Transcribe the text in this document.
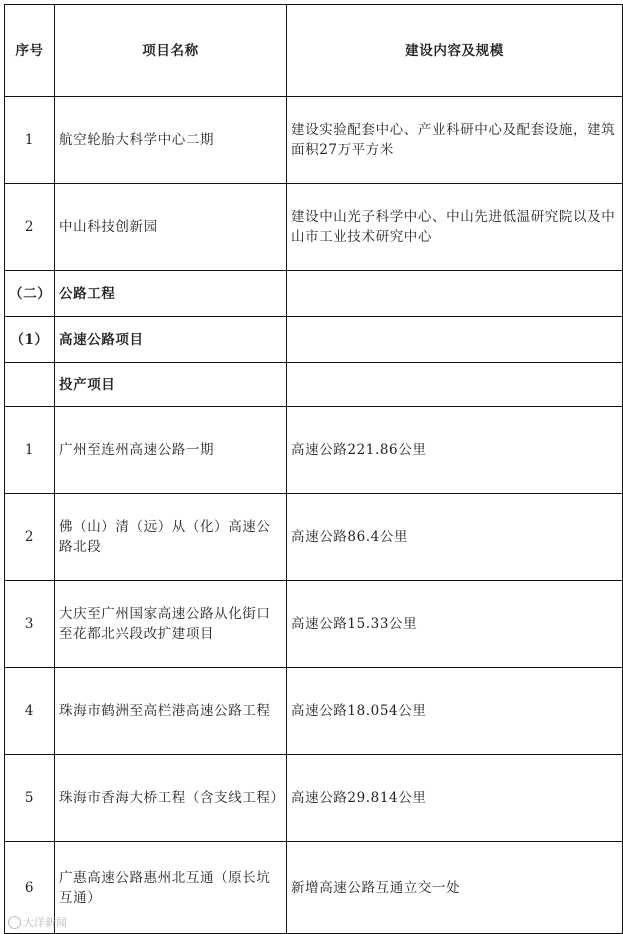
序号	项目名称	建设内容及规模
1	航空轮胎大科学中心二期	建设实验配套中心、产业科研中心及配套设施，建筑面积27万平方米
2	中山科技创新园	建设中山光子科学中心、中山先进低温研究院以及中山市工业技术研究中心
（二）	公路工程	
（1）	高速公路项目	
	投产项目	
1	广州至连州高速公路一期	高速公路221.86公里
2	佛（山）清（远）从（化）高速公路北段	高速公路86.4公里
3	大庆至广州国家高速公路从化街口至花都北兴段改扩建项目	高速公路15.33公里
4	珠海市鹤洲至高栏港高速公路工程	高速公路18.054公里
5	珠海市香海大桥工程（含支线工程）	高速公路29.814公里
6	广惠高速公路惠州北互通（原长坑互通）	新增高速公路互通立交一处
大洋新闻
